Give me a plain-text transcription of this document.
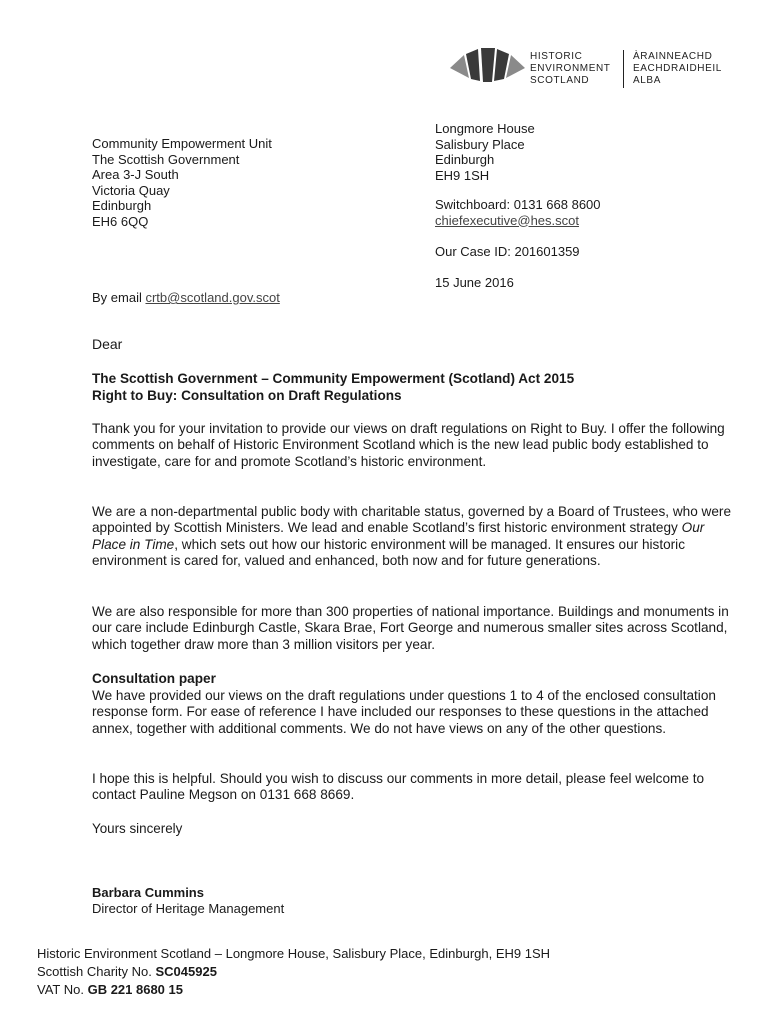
HISTORIC
ENVIRONMENT
SCOTLAND
ÀRAINNEACHD
EACHDRAIDHEIL
ALBA
Community Empowerment Unit
The Scottish Government
Area 3-J South
Victoria Quay
Edinburgh
EH6 6QQ
Longmore House
Salisbury Place
Edinburgh
EH9 1SH
Switchboard: 0131 668 8600
chiefexecutive@hes.scot
Our Case ID: 201601359
15 June 2016
By email crtb@scotland.gov.scot
Dear
The Scottish Government – Community Empowerment (Scotland) Act 2015
Right to Buy: Consultation on Draft Regulations

Thank you for your invitation to provide our views on draft regulations on Right to Buy. I offer the following comments on behalf of Historic Environment Scotland which is the new lead public body established to investigate, care for and promote Scotland’s historic environment.

We are a non-departmental public body with charitable status, governed by a Board of Trustees, who were appointed by Scottish Ministers. We lead and enable Scotland’s first historic environment strategy Our Place in Time, which sets out how our historic environment will be managed. It ensures our historic environment is cared for, valued and enhanced, both now and for future generations.

We are also responsible for more than 300 properties of national importance. Buildings and monuments in our care include Edinburgh Castle, Skara Brae, Fort George and numerous smaller sites across Scotland, which together draw more than 3 million visitors per year.

Consultation paper

We have provided our views on the draft regulations under questions 1 to 4 of the enclosed consultation response form. For ease of reference I have included our responses to these questions in the attached annex, together with additional comments. We do not have views on any of the other questions.

I hope this is helpful. Should you wish to discuss our comments in more detail, please feel welcome to contact Pauline Megson on 0131 668 8669.

Yours sincerely
Barbara Cummins
Director of Heritage Management
Historic Environment Scotland – Longmore House, Salisbury Place, Edinburgh, EH9 1SH
Scottish Charity No. SC045925
VAT No. GB 221 8680 15
